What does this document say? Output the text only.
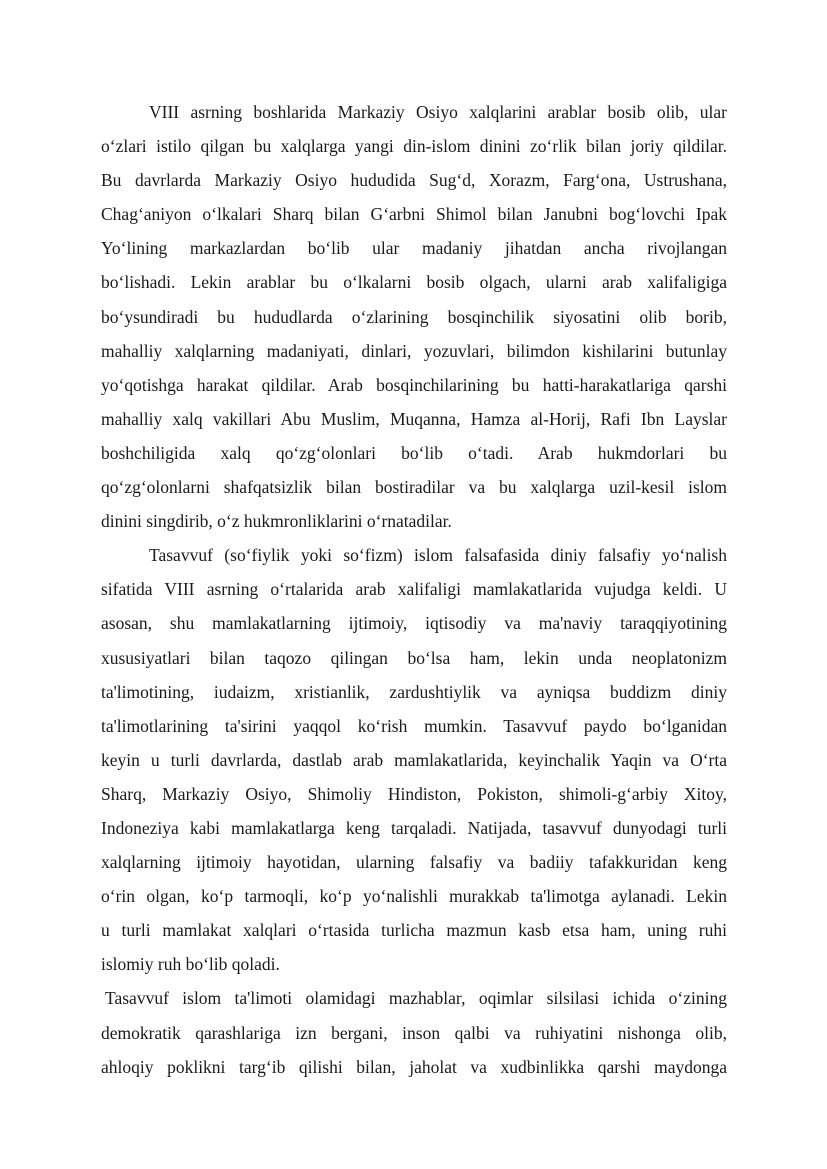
VIII asrning boshlarida Markaziy Osiyo xalqlarini arablar bosib olib, ular
o‘zlari istilo qilgan bu xalqlarga yangi din-islom dinini zo‘rlik bilan joriy qildilar.
Bu davrlarda Markaziy Osiyo hududida Sug‘d, Xorazm, Farg‘ona, Ustrushana,
Chag‘aniyon o‘lkalari Sharq bilan G‘arbni Shimol bilan Janubni bog‘lovchi Ipak
Yo‘lining markazlardan bo‘lib ular madaniy jihatdan ancha rivojlangan
bo‘lishadi. Lekin arablar bu o‘lkalarni bosib olgach, ularni arab xalifaligiga
bo‘ysundiradi bu hududlarda o‘zlarining bosqinchilik siyosatini olib borib,
mahalliy xalqlarning madaniyati, dinlari, yozuvlari, bilimdon kishilarini butunlay
yo‘qotishga harakat qildilar. Arab bosqinchilarining bu hatti-harakatlariga qarshi
mahalliy xalq vakillari Abu Muslim, Muqanna, Hamza al-Horij, Rafi Ibn Layslar
boshchiligida xalq qo‘zg‘olonlari bo‘lib o‘tadi. Arab hukmdorlari bu
qo‘zg‘olonlarni shafqatsizlik bilan bostiradilar va bu xalqlarga uzil-kesil islom
dinini singdirib, o‘z hukmronliklarini o‘rnatadilar.
Tasavvuf (so‘fiylik yoki so‘fizm) islom falsafasida diniy falsafiy yo‘nalish
sifatida VIII asrning o‘rtalarida arab xalifaligi mamlakatlarida vujudga keldi. U
asosan, shu mamlakatlarning ijtimoiy, iqtisodiy va ma'naviy taraqqiyotining
xususiyatlari bilan taqozo qilingan bo‘lsa ham, lekin unda neoplatonizm
ta'limotining, iudaizm, xristianlik, zardushtiylik va ayniqsa buddizm diniy
ta'limotlarining ta'sirini yaqqol ko‘rish mumkin. Tasavvuf paydo bo‘lganidan
keyin u turli davrlarda, dastlab arab mamlakatlarida, keyinchalik Yaqin va O‘rta
Sharq, Markaziy Osiyo, Shimoliy Hindiston, Pokiston, shimoli-g‘arbiy Xitoy,
Indoneziya kabi mamlakatlarga keng tarqaladi. Natijada, tasavvuf dunyodagi turli
xalqlarning ijtimoiy hayotidan, ularning falsafiy va badiiy tafakkuridan keng
o‘rin olgan, ko‘p tarmoqli, ko‘p yo‘nalishli murakkab ta'limotga aylanadi. Lekin
u turli mamlakat xalqlari o‘rtasida turlicha mazmun kasb etsa ham, uning ruhi
islomiy ruh bo‘lib qoladi.
Tasavvuf islom ta'limoti olamidagi mazhablar, oqimlar silsilasi ichida o‘zining
demokratik qarashlariga izn bergani, inson qalbi va ruhiyatini nishonga olib,
ahloqiy poklikni targ‘ib qilishi bilan, jaholat va xudbinlikka qarshi maydonga
